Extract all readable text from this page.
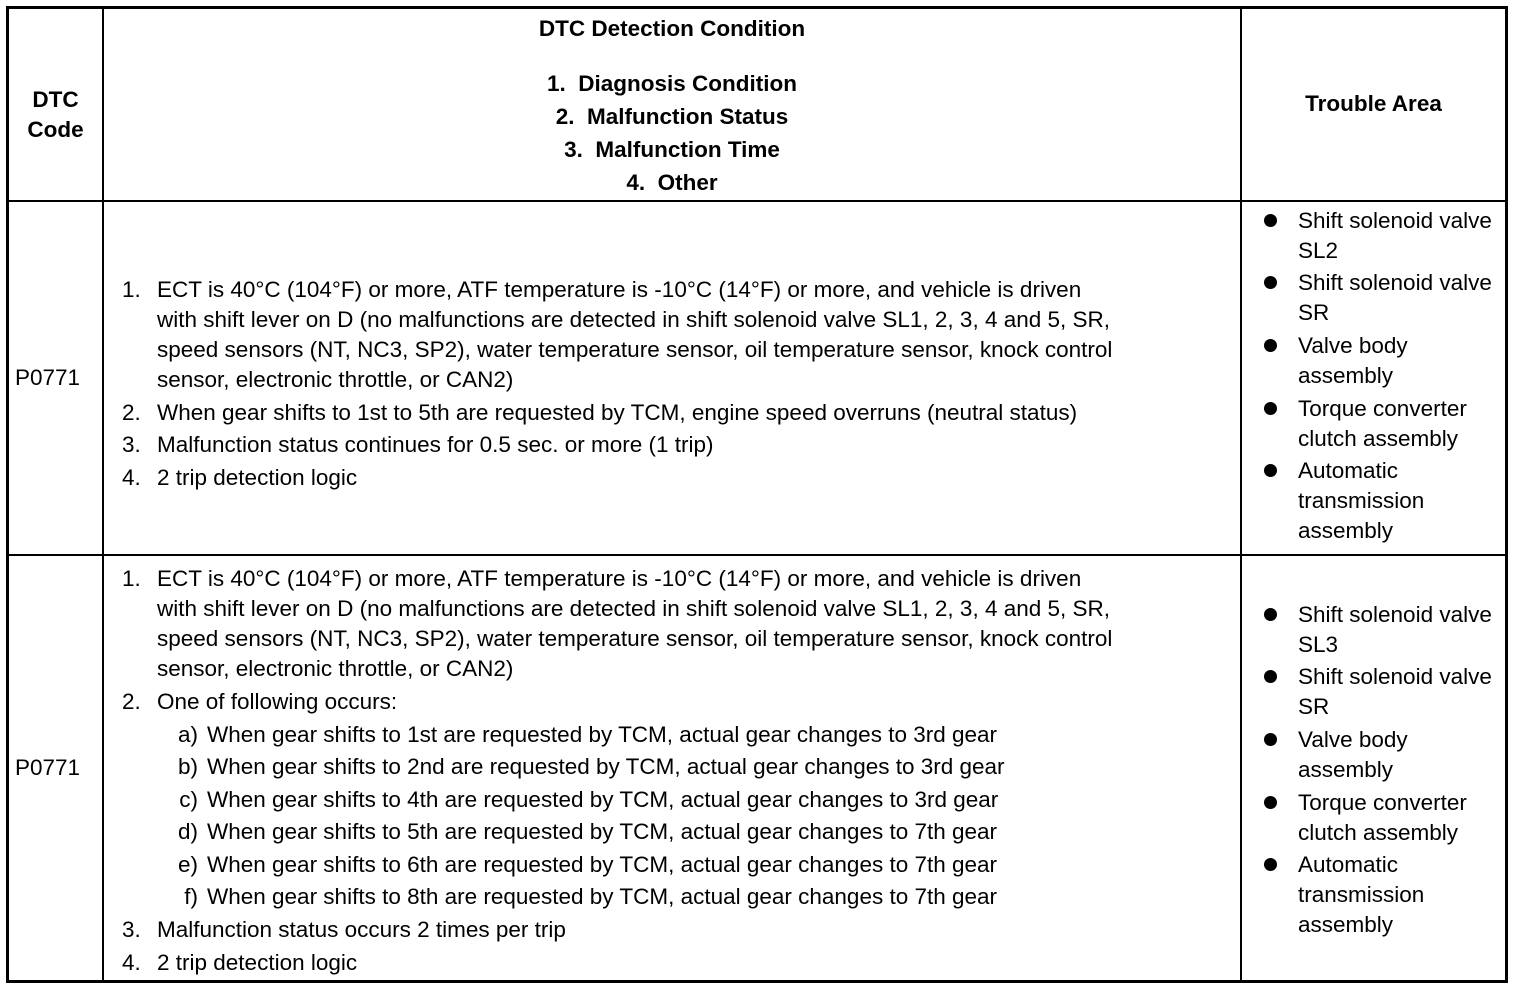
DTC
Code
DTC Detection Condition
1.  Diagnosis Condition
2.  Malfunction Status
3.  Malfunction Time
4.  Other
Trouble Area
P0771
1. ECT is 40°C (104°F) or more, ATF temperature is -10°C (14°F) or more, and vehicle is driven
with shift lever on D (no malfunctions are detected in shift solenoid valve SL1, 2, 3, 4 and 5, SR,
speed sensors (NT, NC3, SP2), water temperature sensor, oil temperature sensor, knock control
sensor, electronic throttle, or CAN2)
2. When gear shifts to 1st to 5th are requested by TCM, engine speed overruns (neutral status)
3. Malfunction status continues for 0.5 sec. or more (1 trip)
4. 2 trip detection logic
Shift solenoid valve SL2
Shift solenoid valve SR
Valve body assembly
Torque converter clutch assembly
Automatic transmission assembly
P0771
1. ECT is 40°C (104°F) or more, ATF temperature is -10°C (14°F) or more, and vehicle is driven
with shift lever on D (no malfunctions are detected in shift solenoid valve SL1, 2, 3, 4 and 5, SR,
speed sensors (NT, NC3, SP2), water temperature sensor, oil temperature sensor, knock control
sensor, electronic throttle, or CAN2)
2. One of following occurs:
a) When gear shifts to 1st are requested by TCM, actual gear changes to 3rd gear
b) When gear shifts to 2nd are requested by TCM, actual gear changes to 3rd gear
c) When gear shifts to 4th are requested by TCM, actual gear changes to 3rd gear
d) When gear shifts to 5th are requested by TCM, actual gear changes to 7th gear
e) When gear shifts to 6th are requested by TCM, actual gear changes to 7th gear
f) When gear shifts to 8th are requested by TCM, actual gear changes to 7th gear
3. Malfunction status occurs 2 times per trip
4. 2 trip detection logic
Shift solenoid valve SL3
Shift solenoid valve SR
Valve body assembly
Torque converter clutch assembly
Automatic transmission assembly
